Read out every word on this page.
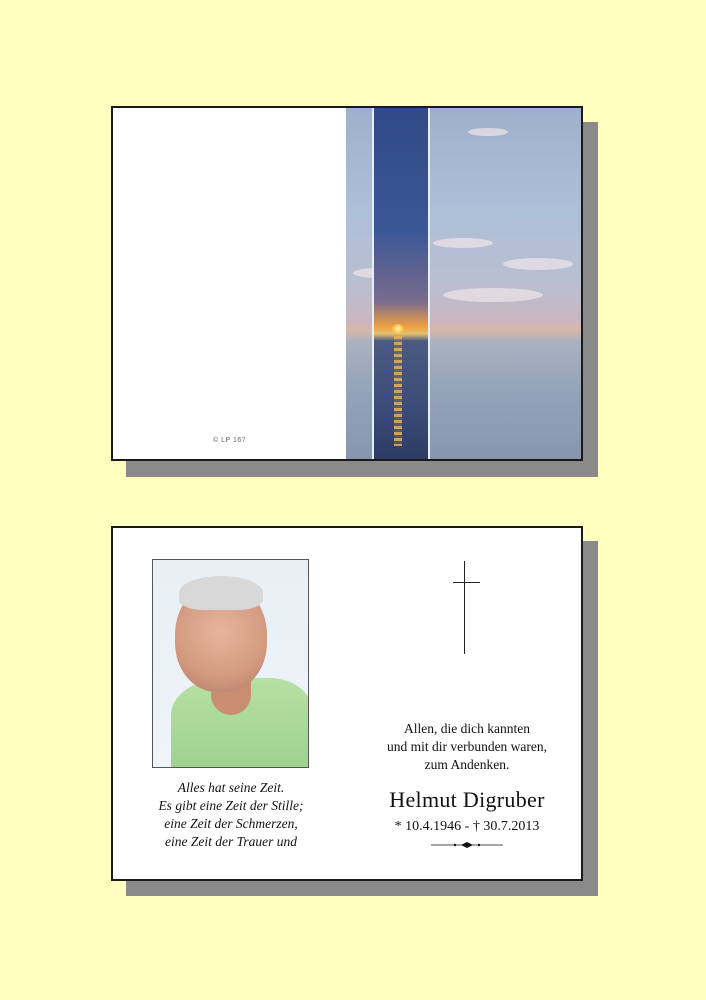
© LP 167
Alles hat seine Zeit.
Es gibt eine Zeit der Stille;
eine Zeit der Schmerzen,
eine Zeit der Trauer und
Allen, die dich kannten
und mit dir verbunden waren,
zum Andenken.
Helmut Digruber
* 10.4.1946 - † 30.7.2013
